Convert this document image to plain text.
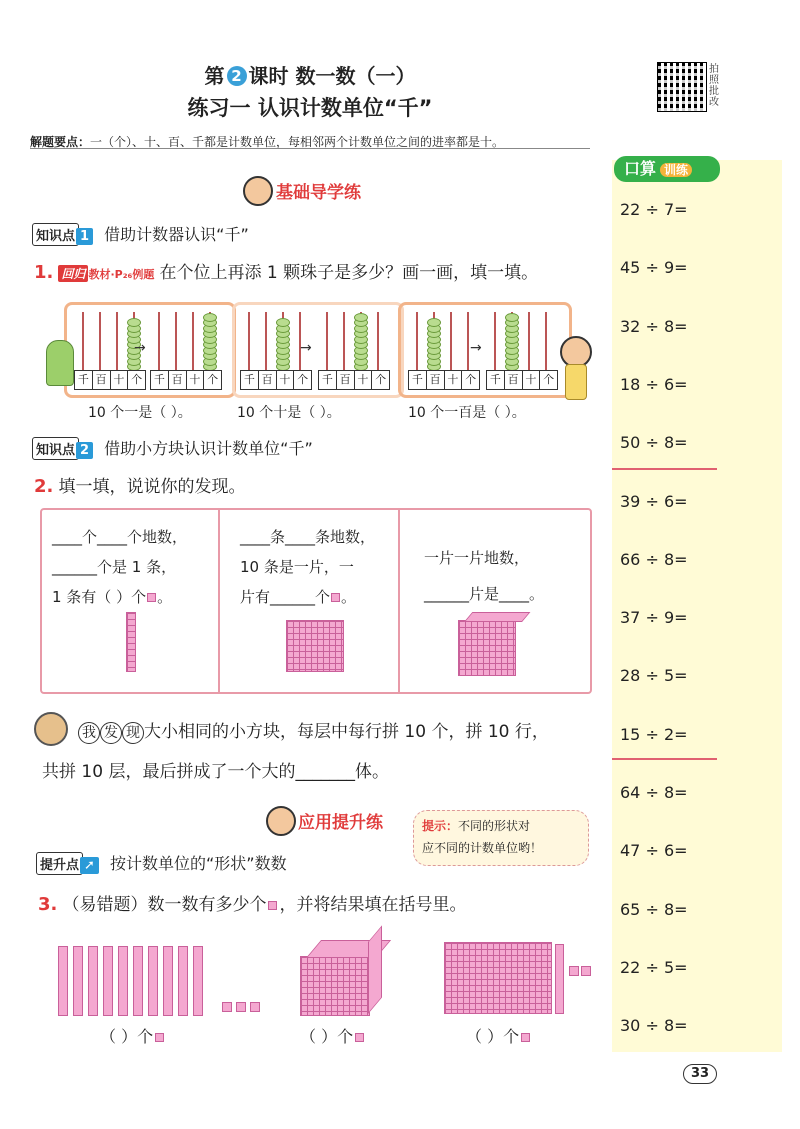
第 2 课时 数一数（一）
练习一 认识计数单位“千”
拍照批改
解题要点：一（个）、十、百、千都是计数单位，每相邻两个计数单位之间的进率都是十。
基础导学练
知识点 1 借助计数器认识“千”
1. 回归 教材·P₂₆例题 在个位上再添 1 颗珠子是多少？画一画，填一填。
千 百 十 个 千 百 十 个 千 百 十 个 千 百 十 个 千 百 十 个 千 百 十 个
→	→	→
10 个一是（ ）。	10 个十是（ ）。	10 个一百是（ ）。
知识点 2 借助小方块认识计数单位“千”
2. 填一填，说说你的发现。
____个____个地数，
______个是 1 条，
1 条有（ ）个 。
____条____条地数，
10 条是一片，一
片有______个 。
一片一片地数，
______片是____。
我 发 现 大小相同的小方块，每层中每行拼 10 个，拼 10 行，
共拼 10 层，最后拼成了一个大的_______体。
应用提升练	提示：不同的形状对
应不同的计数单位哟！
提升点 ➚ 按计数单位的“形状”数数
3. （易错题）数一数有多少个 ，并将结果填在括号里。
（ ）个	（ ）个	（ ）个
口算 训练
22 ÷ 7=
45 ÷ 9=
32 ÷ 8=
18 ÷ 6=
50 ÷ 8=
39 ÷ 6=
66 ÷ 8=
37 ÷ 9=
28 ÷ 5=
15 ÷ 2=
64 ÷ 8=
47 ÷ 6=
65 ÷ 8=
22 ÷ 5=
30 ÷ 8=
33
